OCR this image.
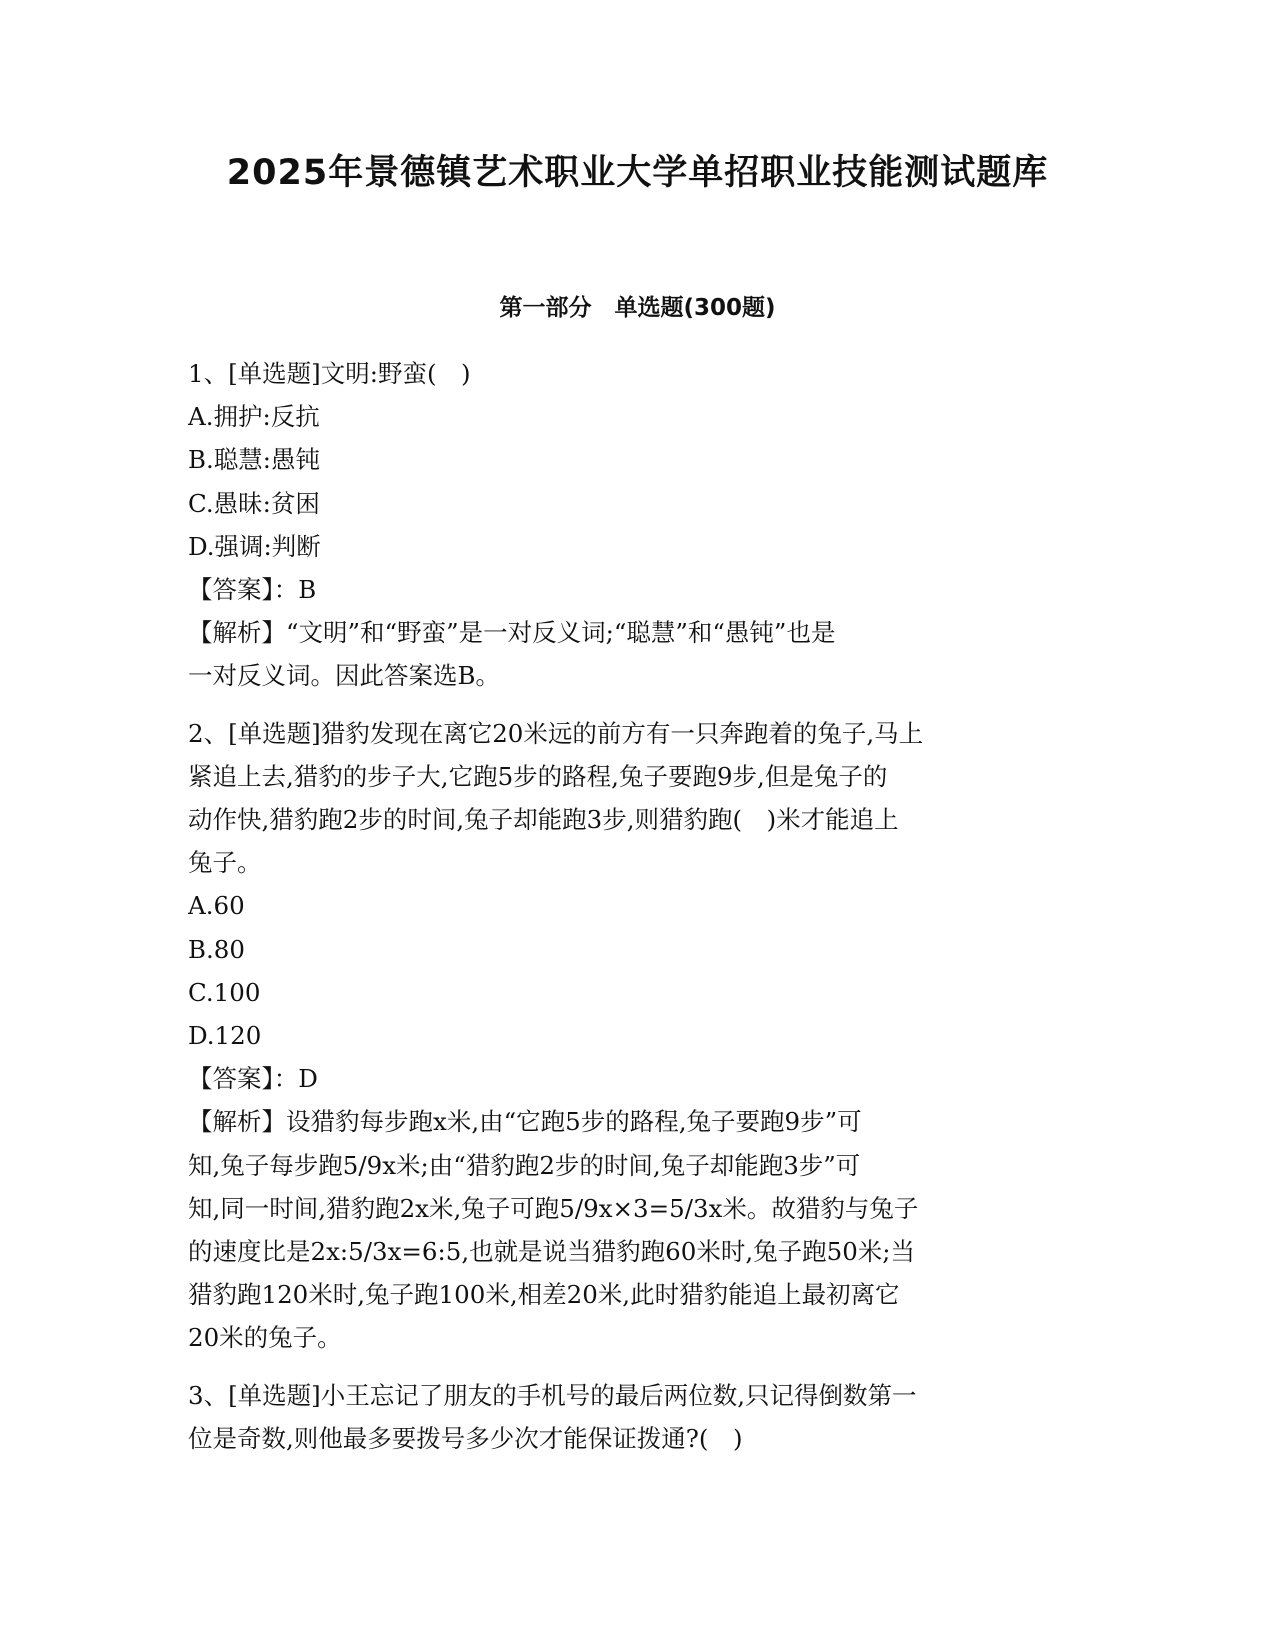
2025年景德镇艺术职业大学单招职业技能测试题库
第一部分　单选题(300题)
1、[单选题]文明:野蛮(　)
A.拥护:反抗
B.聪慧:愚钝
C.愚昧:贫困
D.强调:判断
【答案】：B
【解析】“文明”和“野蛮”是一对反义词;“聪慧”和“愚钝”也是
一对反义词。因此答案选B。
2、[单选题]猎豹发现在离它20米远的前方有一只奔跑着的兔子,马上
紧追上去,猎豹的步子大,它跑5步的路程,兔子要跑9步,但是兔子的
动作快,猎豹跑2步的时间,兔子却能跑3步,则猎豹跑(　)米才能追上
兔子。
A.60
B.80
C.100
D.120
【答案】：D
【解析】设猎豹每步跑x米,由“它跑5步的路程,兔子要跑9步”可
知,兔子每步跑5/9x米;由“猎豹跑2步的时间,兔子却能跑3步”可
知,同一时间,猎豹跑2x米,兔子可跑5/9x×3=5/3x米。故猎豹与兔子
的速度比是2x:5/3x=6:5,也就是说当猎豹跑60米时,兔子跑50米;当
猎豹跑120米时,兔子跑100米,相差20米,此时猎豹能追上最初离它
20米的兔子。
3、[单选题]小王忘记了朋友的手机号的最后两位数,只记得倒数第一
位是奇数,则他最多要拨号多少次才能保证拨通?(　)
